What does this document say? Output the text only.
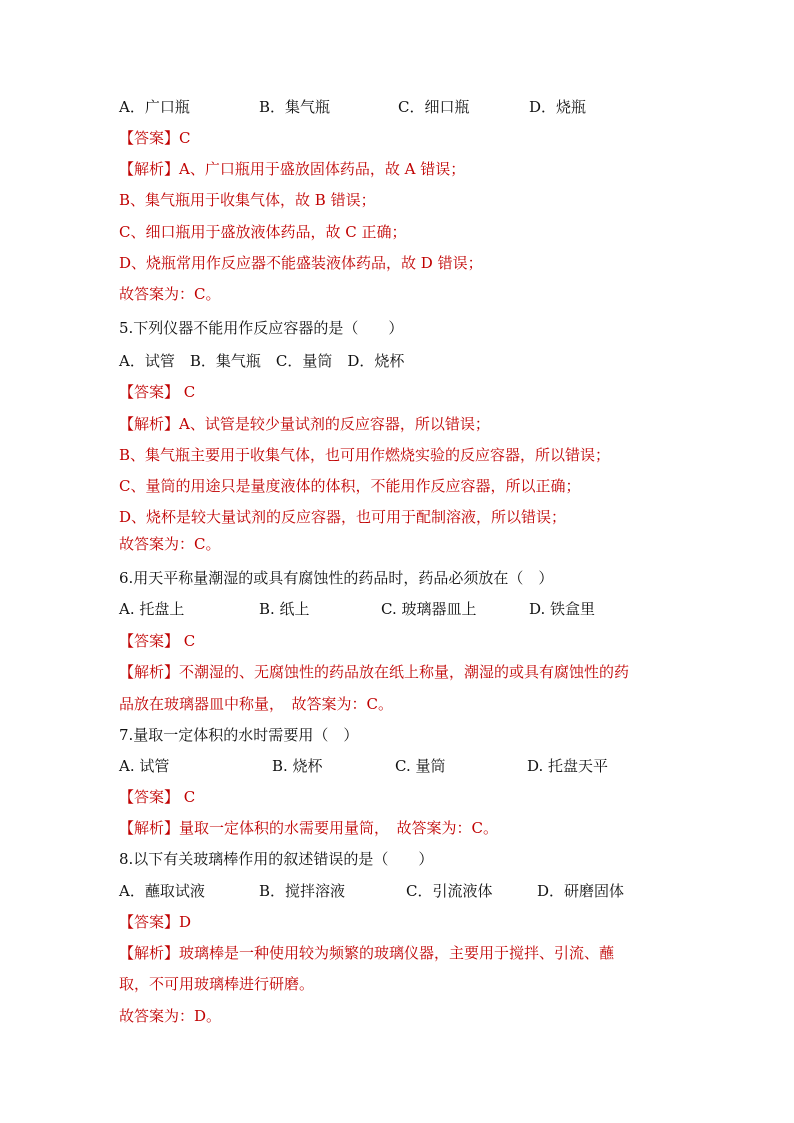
A．广口瓶	B．集气瓶	C．细口瓶	D．烧瓶
【答案】C
【解析】A、广口瓶用于盛放固体药品，故 A 错误；
B、集气瓶用于收集气体，故 B 错误；
C、细口瓶用于盛放液体药品，故 C 正确；
D、烧瓶常用作反应器不能盛装液体药品，故 D 错误；
故答案为：C。
5.下列仪器不能用作反应容器的是（　　）
A．试管　B．集气瓶　C．量筒　D．烧杯
【答案】 C
【解析】A、试管是较少量试剂的反应容器，所以错误；
B、集气瓶主要用于收集气体，也可用作燃烧实验的反应容器，所以错误；
C、量筒的用途只是量度液体的体积，不能用作反应容器，所以正确；
D、烧杯是较大量试剂的反应容器，也可用于配制溶液，所以错误；
故答案为：C。
6.用天平称量潮湿的或具有腐蚀性的药品时，药品必须放在（　）
A. 托盘上	B. 纸上	C. 玻璃器皿上	D. 铁盒里
【答案】 C
【解析】不潮湿的、无腐蚀性的药品放在纸上称量，潮湿的或具有腐蚀性的药
品放在玻璃器皿中称量，　故答案为：C。
7.量取一定体积的水时需要用（　）
A. 试管	B. 烧杯	C. 量筒	D. 托盘天平
【答案】 C
【解析】量取一定体积的水需要用量筒，　故答案为：C。
8.以下有关玻璃棒作用的叙述错误的是（　　）
A．蘸取试液	B．搅拌溶液	C．引流液体	D．研磨固体
【答案】D
【解析】玻璃棒是一种使用较为频繁的玻璃仪器，主要用于搅拌、引流、蘸
取，不可用玻璃棒进行研磨。
故答案为：D。
